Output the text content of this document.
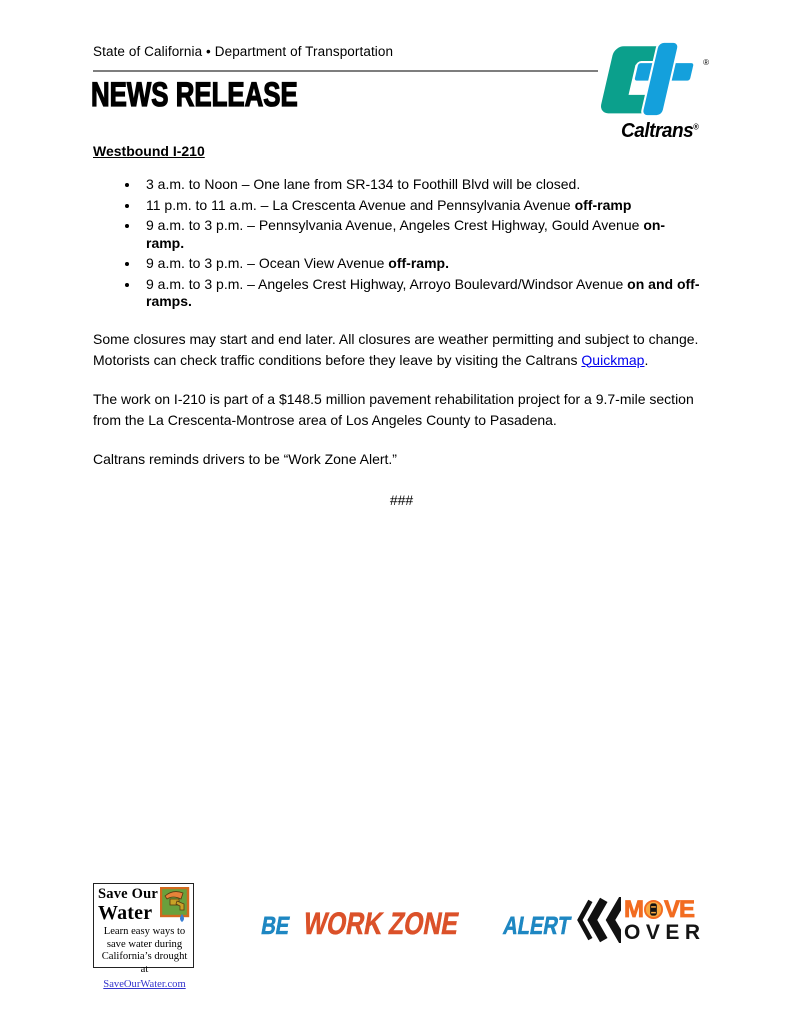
State of California • Department of Transportation
®
Caltrans®
NEWS RELEASE
Westbound I-210
• 3 a.m. to Noon – One lane from SR-134 to Foothill Blvd will be closed.
• 11 p.m. to 11 a.m. – La Crescenta Avenue and Pennsylvania Avenue off-ramp
• 9 a.m. to 3 p.m. – Pennsylvania Avenue, Angeles Crest Highway, Gould Avenue on-ramp.
• 9 a.m. to 3 p.m. – Ocean View Avenue off-ramp.
• 9 a.m. to 3 p.m. – Angeles Crest Highway, Arroyo Boulevard/Windsor Avenue on and off-ramps.

Some closures may start and end later. All closures are weather permitting and subject to change. Motorists can check traffic conditions before they leave by visiting the Caltrans Quickmap.

The work on I-210 is part of a $148.5 million pavement rehabilitation project for a 9.7-mile section from the La Crescenta-Montrose area of Los Angeles County to Pasadena.

Caltrans reminds drivers to be “Work Zone Alert.”

###

Save Our
Water
Learn easy ways to save water during California’s drought at
SaveOurWater.com
BE WORK ZONE ALERT
M VE
OVER
